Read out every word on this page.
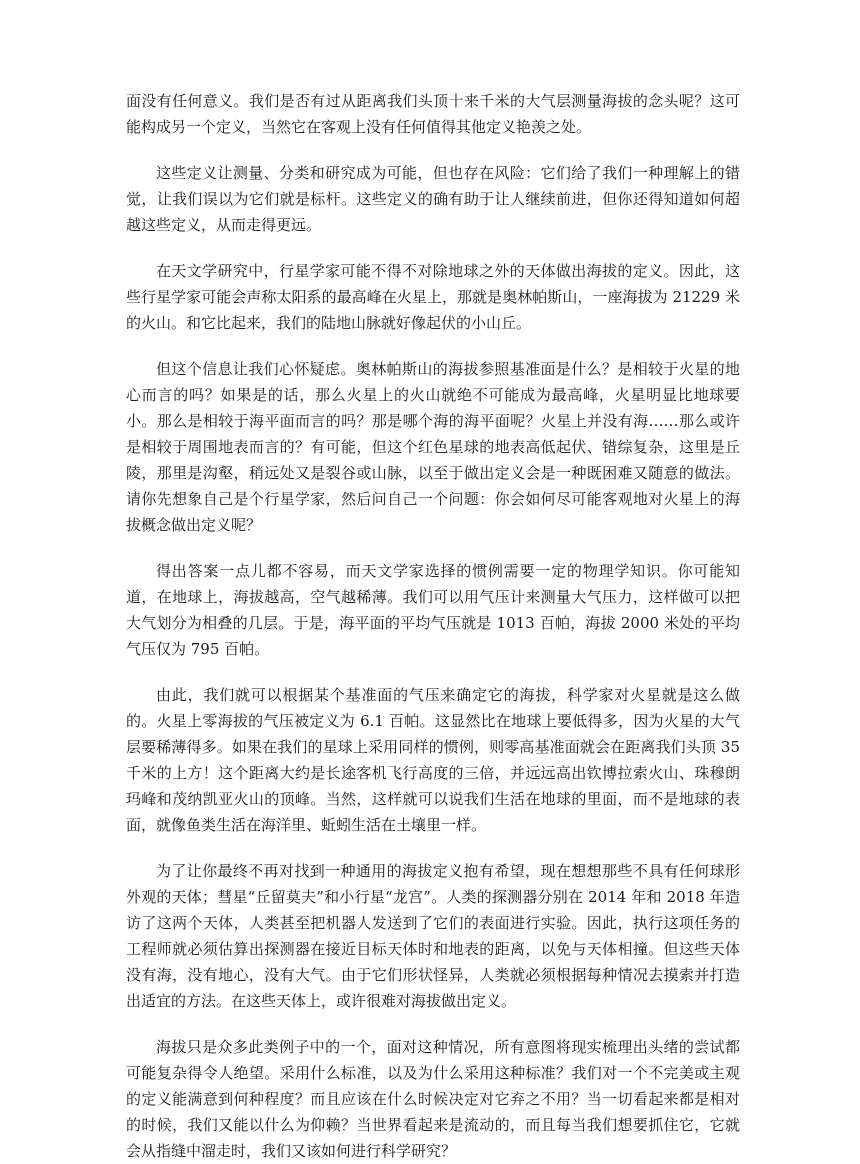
面没有任何意义。我们是否有过从距离我们头顶十来千米的大气层测量海拔的念头呢？这可能构成另一个定义，当然它在客观上没有任何值得其他定义艳羡之处。

这些定义让测量、分类和研究成为可能，但也存在风险：它们给了我们一种理解上的错觉，让我们误以为它们就是标杆。这些定义的确有助于让人继续前进，但你还得知道如何超越这些定义，从而走得更远。

在天文学研究中，行星学家可能不得不对除地球之外的天体做出海拔的定义。因此，这些行星学家可能会声称太阳系的最高峰在火星上，那就是奥林帕斯山，一座海拔为 21229 米的火山。和它比起来，我们的陆地山脉就好像起伏的小山丘。

但这个信息让我们心怀疑虑。奥林帕斯山的海拔参照基准面是什么？是相较于火星的地心而言的吗？如果是的话，那么火星上的火山就绝不可能成为最高峰，火星明显比地球要小。那么是相较于海平面而言的吗？那是哪个海的海平面呢？火星上并没有海……那么或许是相较于周围地表而言的？有可能，但这个红色星球的地表高低起伏、错综复杂，这里是丘陵，那里是沟壑，稍远处又是裂谷或山脉，以至于做出定义会是一种既困难又随意的做法。请你先想象自己是个行星学家，然后问自己一个问题：你会如何尽可能客观地对火星上的海拔概念做出定义呢？

得出答案一点儿都不容易，而天文学家选择的惯例需要一定的物理学知识。你可能知道，在地球上，海拔越高，空气越稀薄。我们可以用气压计来测量大气压力，这样做可以把大气划分为相叠的几层。于是，海平面的平均气压就是 1013 百帕，海拔 2000 米处的平均气压仅为 795 百帕。

由此，我们就可以根据某个基准面的气压来确定它的海拔，科学家对火星就是这么做的。火星上零海拔的气压被定义为 6.1 百帕。这显然比在地球上要低得多，因为火星的大气层要稀薄得多。如果在我们的星球上采用同样的惯例，则零高基准面就会在距离我们头顶 35 千米的上方！这个距离大约是长途客机飞行高度的三倍，并远远高出钦博拉索火山、珠穆朗玛峰和茂纳凯亚火山的顶峰。当然，这样就可以说我们生活在地球的里面，而不是地球的表面，就像鱼类生活在海洋里、蚯蚓生活在土壤里一样。

为了让你最终不再对找到一种通用的海拔定义抱有希望，现在想想那些不具有任何球形外观的天体；彗星“丘留莫夫”和小行星“龙宫”。人类的探测器分别在 2014 年和 2018 年造访了这两个天体，人类甚至把机器人发送到了它们的表面进行实验。因此，执行这项任务的工程师就必须估算出探测器在接近目标天体时和地表的距离，以免与天体相撞。但这些天体没有海，没有地心，没有大气。由于它们形状怪异，人类就必须根据每种情况去摸索并打造出适宜的方法。在这些天体上，或许很难对海拔做出定义。

海拔只是众多此类例子中的一个，面对这种情况，所有意图将现实梳理出头绪的尝试都可能复杂得令人绝望。采用什么标准，以及为什么采用这种标准？我们对一个不完美或主观的定义能满意到何种程度？而且应该在什么时候决定对它弃之不用？当一切看起来都是相对的时候，我们又能以什么为仰赖？当世界看起来是流动的，而且每当我们想要抓住它，它就会从指缝中溜走时，我们又该如何进行科学研究？
